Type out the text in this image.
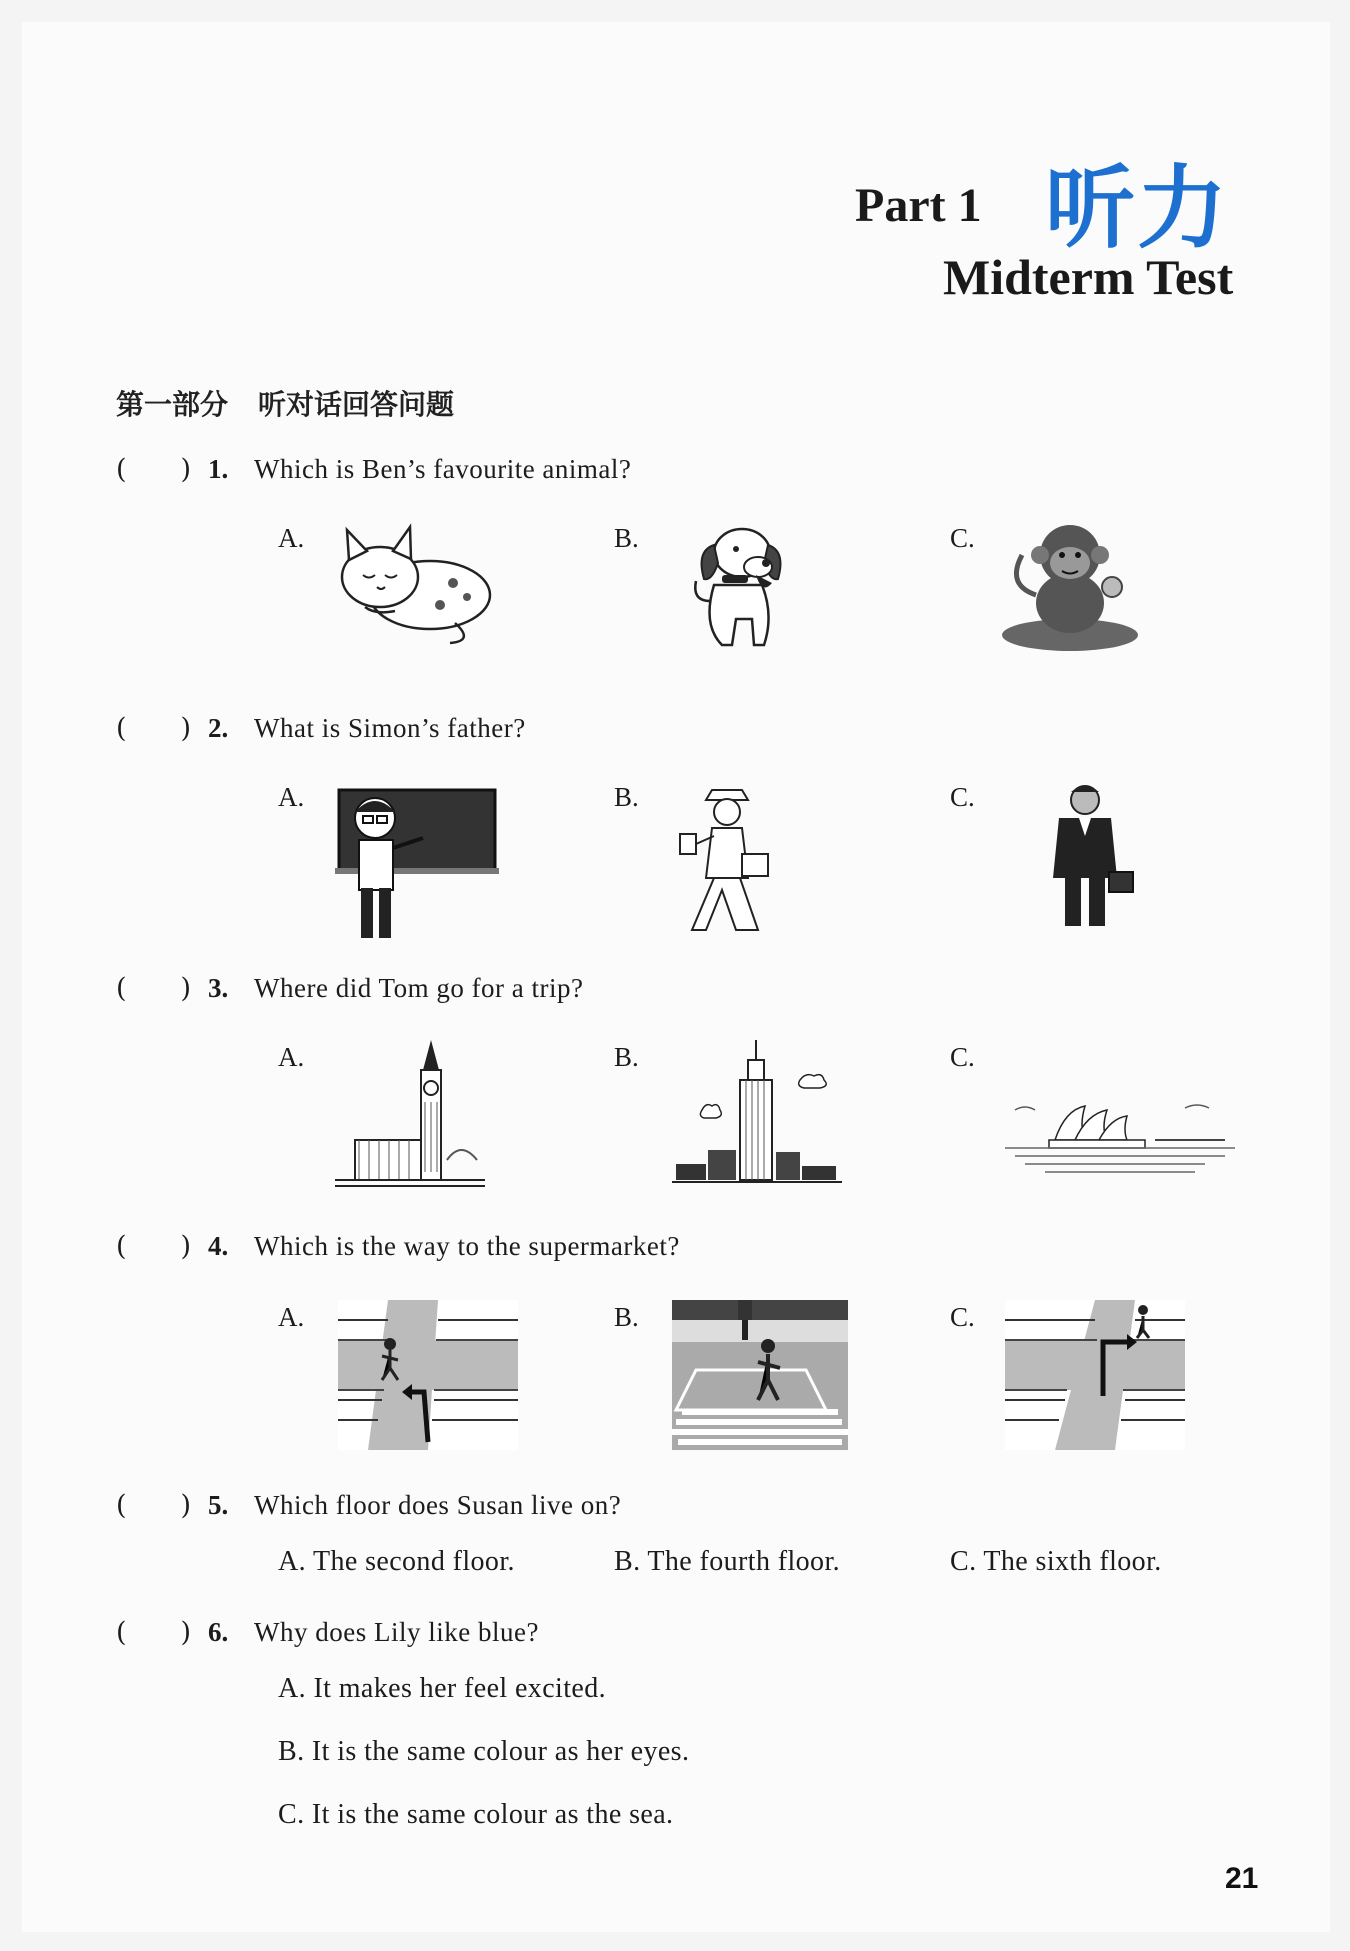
Part 1 听力
Midterm Test
第一部分 听对话回答问题
(　　) 1. Which is Ben’s favourite animal?
A.	B.	C.
(　　) 2. What is Simon’s father?
A.	B.	C.
(　　) 3. Where did Tom go for a trip?
A.	B.	C.
(　　) 4. Which is the way to the supermarket?
A.	B.	C.
(　　) 5. Which floor does Susan live on?
A. The second floor.	B. The fourth floor.	C. The sixth floor.
(　　) 6. Why does Lily like blue?
A. It makes her feel excited.
B. It is the same colour as her eyes.
C. It is the same colour as the sea.
21
